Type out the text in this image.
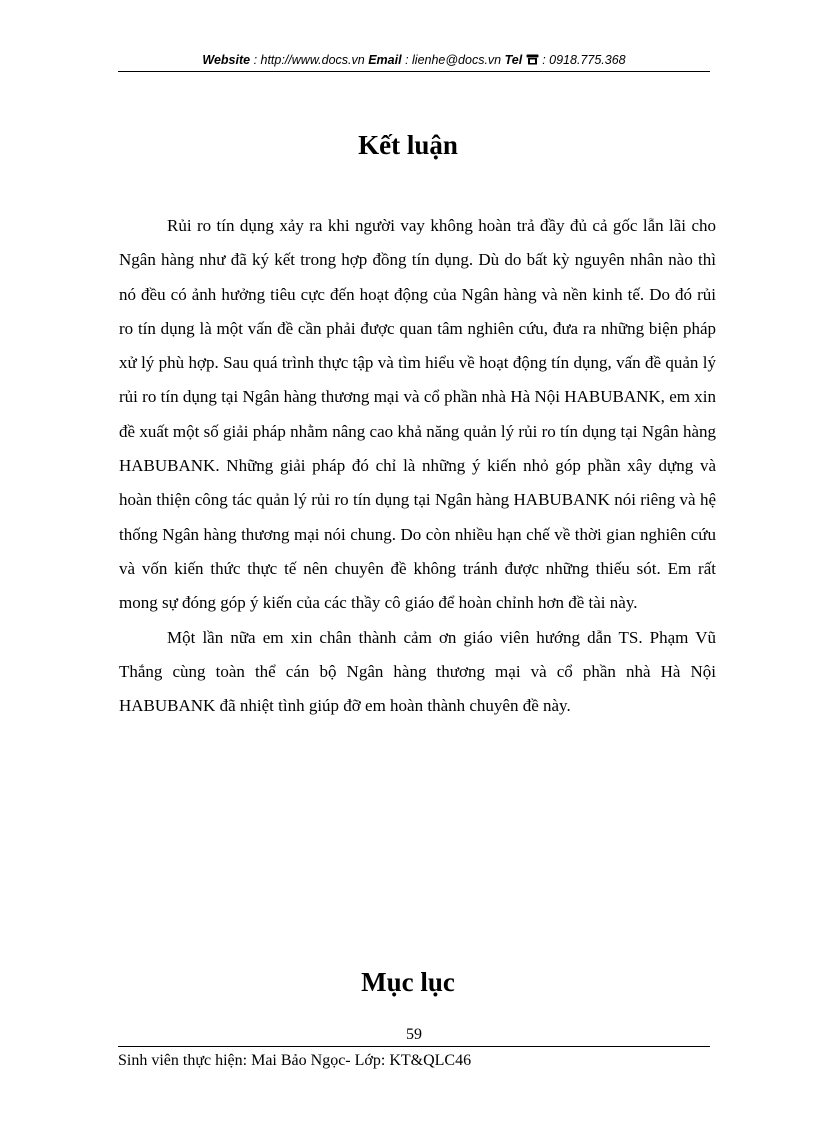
Website : http://www.docs.vn Email : lienhe@docs.vn Tel : 0918.775.368
Kết luận

Rủi ro tín dụng xảy ra khi người vay không hoàn trả đầy đủ cả gốc lẫn lãi cho Ngân hàng như đã ký kết trong hợp đồng tín dụng. Dù do bất kỳ nguyên nhân nào thì nó đều có ảnh hưởng tiêu cực đến hoạt động của Ngân hàng và nền kinh tế. Do đó rủi ro tín dụng là một vấn đề cần phải được quan tâm nghiên cứu, đưa ra những biện pháp xử lý phù hợp. Sau quá trình thực tập và tìm hiểu về hoạt động tín dụng, vấn đề quản lý rủi ro tín dụng tại Ngân hàng thương mại và cổ phần nhà Hà Nội HABUBANK, em xin đề xuất một số giải pháp nhằm nâng cao khả năng quản lý rủi ro tín dụng tại Ngân hàng HABUBANK. Những giải pháp đó chỉ là những ý kiến nhỏ góp phần xây dựng và hoàn thiện công tác quản lý rủi ro tín dụng tại Ngân hàng HABUBANK nói riêng và hệ thống Ngân hàng thương mại nói chung. Do còn nhiều hạn chế về thời gian nghiên cứu và vốn kiến thức thực tế nên chuyên đề không tránh được những thiếu sót. Em rất mong sự đóng góp ý kiến của các thầy cô giáo để hoàn chỉnh hơn đề tài này.

Một lần nữa em xin chân thành cảm ơn giáo viên hướng dẫn TS. Phạm Vũ Thắng cùng toàn thể cán bộ Ngân hàng thương mại và cổ phần nhà Hà Nội HABUBANK đã nhiệt tình giúp đỡ em hoàn thành chuyên đề này.

Mục lục
59
Sinh viên thực hiện: Mai Bảo Ngọc- Lớp: KT&QLC46
